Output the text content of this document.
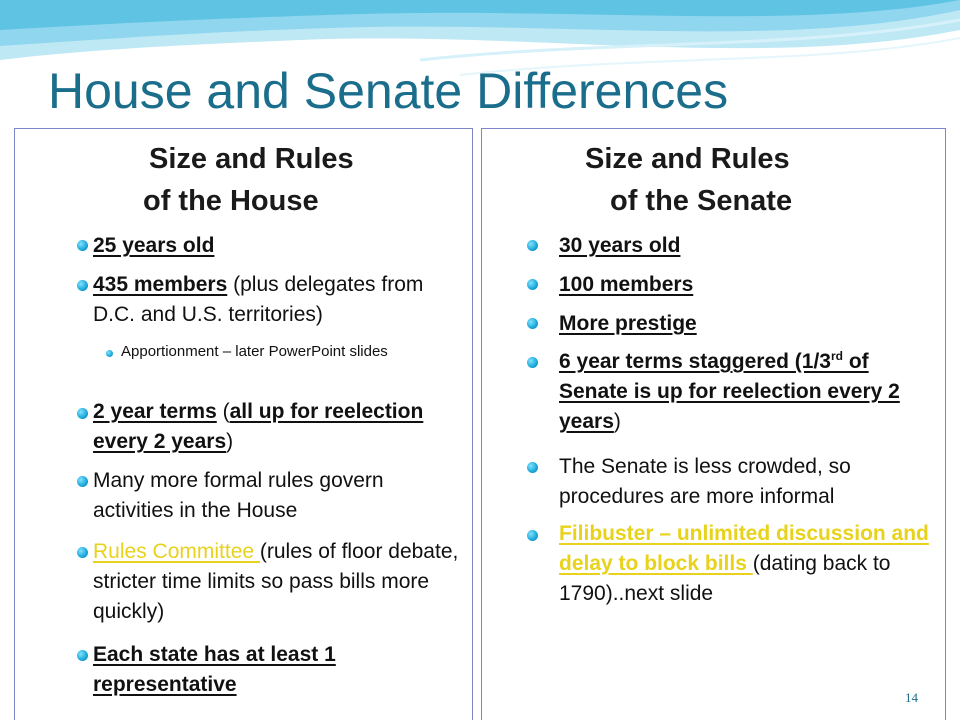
House and Senate Differences
Size and Rules
of the House
25 years old
435 members (plus delegates from D.C. and U.S. territories)
Apportionment – later PowerPoint slides
2 year terms (all up for reelection every 2 years)
Many more formal rules govern activities in the House
Rules Committee (rules of floor debate, stricter time limits so pass bills more quickly)
Each state has at least 1 representative
Size and Rules
of the Senate
30 years old
100 members
More prestige
6 year terms staggered (1/3rd of Senate is up for reelection every 2 years)
The Senate is less crowded, so procedures are more informal
Filibuster – unlimited discussion and delay to block bills (dating back to 1790)..next slide
14
